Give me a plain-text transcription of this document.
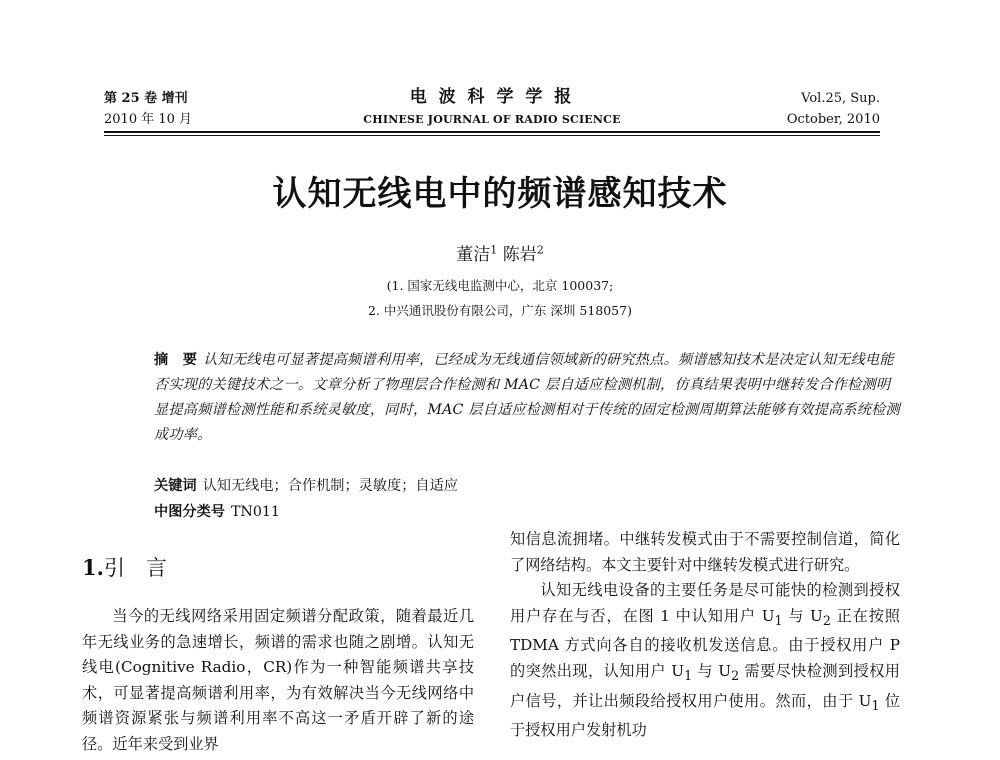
第 25 卷 增刊
2010 年 10 月
电 波 科 学 学 报
CHINESE JOURNAL OF RADIO SCIENCE
Vol.25, Sup.
October, 2010
认知无线电中的频谱感知技术
董洁$^1$ 陈岩$^2$
(1. 国家无线电监测中心，北京 100037;
2. 中兴通讯股份有限公司，广东 深圳 518057)
摘　要 认知无线电可显著提高频谱利用率，已经成为无线通信领域新的研究热点。频谱感知技术是决定认知无线电能否实现的关键技术之一。文章分析了物理层合作检测和 MAC 层自适应检测机制，仿真结果表明中继转发合作检测明显提高频谱检测性能和系统灵敏度，同时，MAC 层自适应检测相对于传统的固定检测周期算法能够有效提高系统检测成功率。
关键词 认知无线电；合作机制；灵敏度；自适应
中图分类号 TN011
1.引　言

当今的无线网络采用固定频谱分配政策，随着最近几年无线业务的急速增长，频谱的需求也随之剧增。认知无线电(Cognitive Radio，CR)作为一种智能频谱共享技术，可显著提高频谱利用率，为有效解决当今无线网络中频谱资源紧张与频谱利用率不高这一矛盾开辟了新的途径。近年来受到业界

知信息流拥堵。中继转发模式由于不需要控制信道，简化了网络结构。本文主要针对中继转发模式进行研究。

认知无线电设备的主要任务是尽可能快的检测到授权用户存在与否，在图 1 中认知用户 $U_1$ 与 $U_2$ 正在按照 TDMA 方式向各自的接收机发送信息。由于授权用户 P 的突然出现，认知用户 $U_1$ 与 $U_2$ 需要尽快检测到授权用户信号，并让出频段给授权用户使用。然而，由于 $U_1$ 位于授权用户发射机功
